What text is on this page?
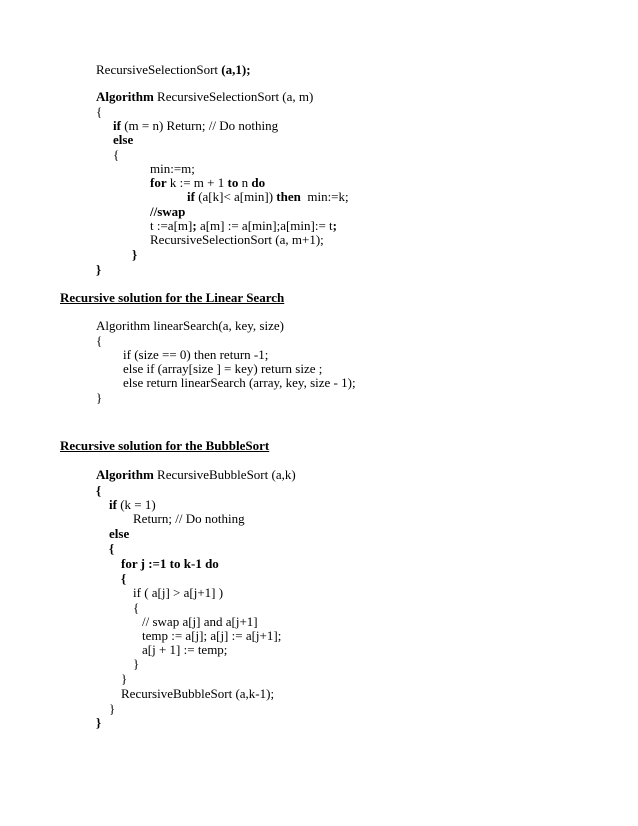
RecursiveSelectionSort (a,1);
Algorithm RecursiveSelectionSort (a, m)
{
if (m = n) Return; // Do nothing
else
{
min:=m;
for k := m + 1 to n do
if (a[k]< a[min]) then  min:=k;
//swap
t :=a[m]; a[m] := a[min];a[min]:= t;
RecursiveSelectionSort (a, m+1);
}
}
Recursive solution for the Linear Search
Algorithm linearSearch(a, key, size)
{
if (size == 0) then return -1;
else if (array[size ] = key) return size ;
else return linearSearch (array, key, size - 1);
}
Recursive solution for the BubbleSort
Algorithm RecursiveBubbleSort (a,k)
{
if (k = 1)
Return; // Do nothing
else
{
for j :=1 to k-1 do
{
if ( a[j] > a[j+1] )
{
// swap a[j] and a[j+1]
temp := a[j]; a[j] := a[j+1];
a[j + 1] := temp;
}
}
RecursiveBubbleSort (a,k-1);
}
}
